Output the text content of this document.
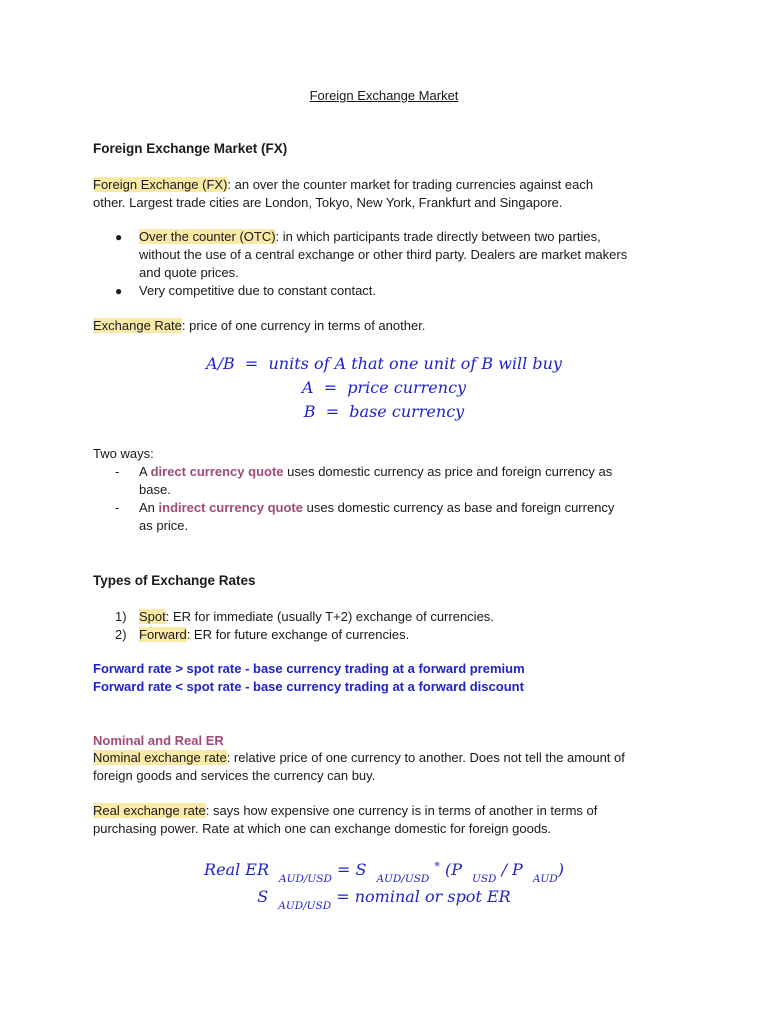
Foreign Exchange Market
Foreign Exchange Market (FX)
Foreign Exchange (FX): an over the counter market for trading currencies against each
other. Largest trade cities are London, Tokyo, New York, Frankfurt and Singapore.
● Over the counter (OTC): in which participants trade directly between two parties,
without the use of a central exchange or other third party. Dealers are market makers
and quote prices.
● Very competitive due to constant contact.
Exchange Rate: price of one currency in terms of another.
A/B  =  units of A that one unit of B will buy
A  =  price currency
B  =  base currency
Two ways:
- A direct currency quote uses domestic currency as price and foreign currency as
base.
- An indirect currency quote uses domestic currency as base and foreign currency
as price.
Types of Exchange Rates
1) Spot: ER for immediate (usually T+2) exchange of currencies.
2) Forward: ER for future exchange of currencies.
Forward rate > spot rate - base currency trading at a forward premium
Forward rate < spot rate - base currency trading at a forward discount
Nominal and Real ER
Nominal exchange rate: relative price of one currency to another. Does not tell the amount of
foreign goods and services the currency can buy.
Real exchange rate: says how expensive one currency is in terms of another in terms of
purchasing power. Rate at which one can exchange domestic for foreign goods.
Real ER $_{AUD/USD}$ = S $_{AUD/USD}$ * (P $_{USD}$ / P $_{AUD}$)
S $_{AUD/USD}$ = nominal or spot ER
